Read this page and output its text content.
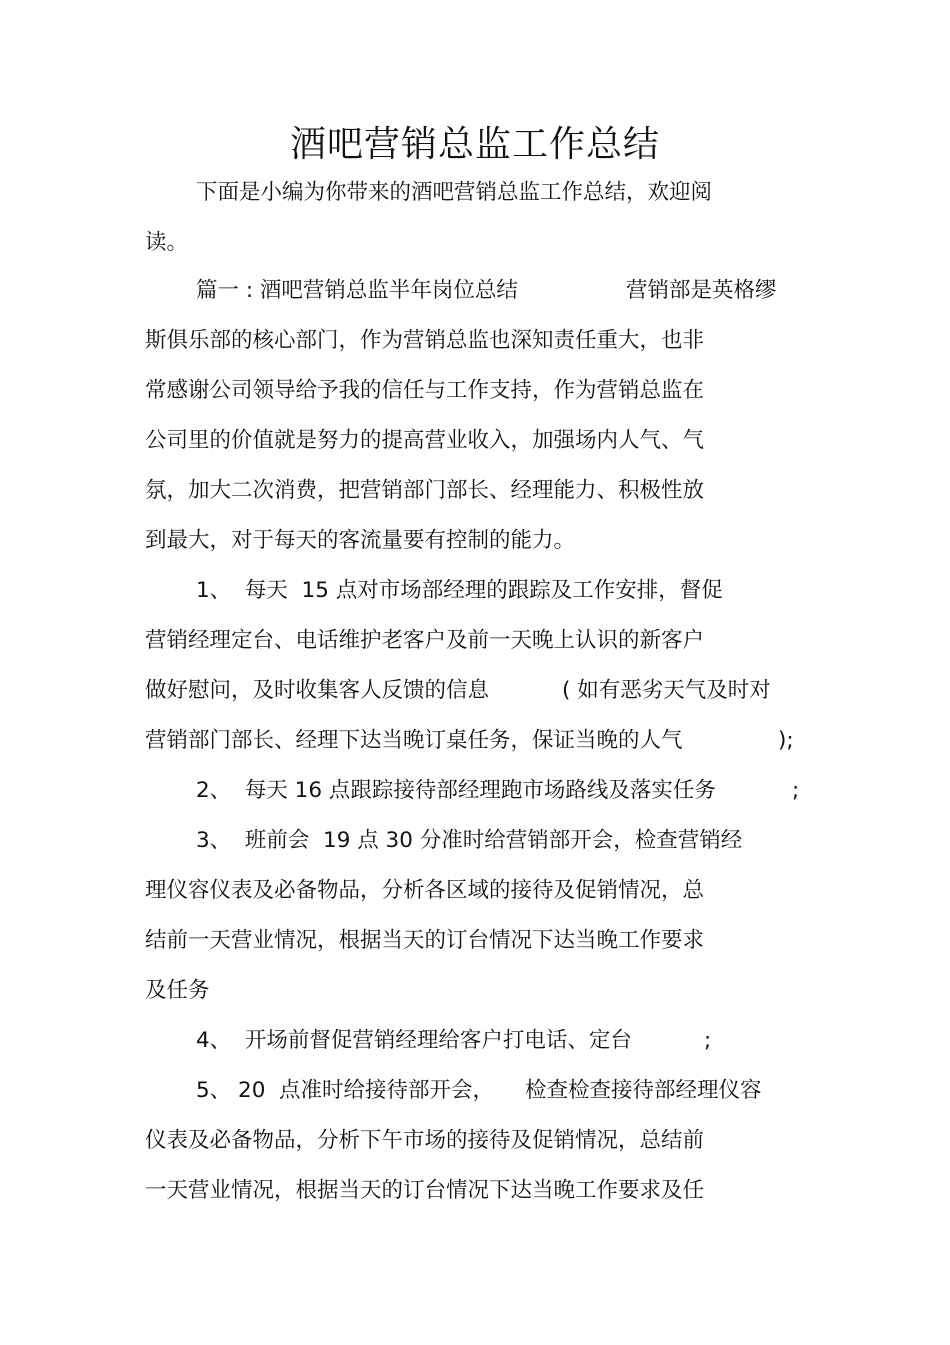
酒吧营销总监工作总结
下面是小编为你带来的酒吧营销总监工作总结，欢迎阅
读。
篇一 : 酒吧营销总监半年岗位总结	营销部是英格缪
斯俱乐部的核心部门，作为营销总监也深知责任重大，也非
常感谢公司领导给予我的信任与工作支持，作为营销总监在
公司里的价值就是努力的提高营业收入，加强场内人气、气
氛，加大二次消费，把营销部门部长、经理能力、积极性放
到最大，对于每天的客流量要有控制的能力。
1、  每天  15 点对市场部经理的跟踪及工作安排，督促
营销经理定台、电话维护老客户及前一天晚上认识的新客户
做好慰问，及时收集客人反馈的信息	( 如有恶劣天气及时对
营销部门部长、经理下达当晚订桌任务，保证当晚的人气	);
2、  每天 16 点跟踪接待部经理跑市场路线及落实任务	;
3、  班前会  19 点 30 分准时给营销部开会，检查营销经
理仪容仪表及必备物品，分析各区域的接待及促销情况，总
结前一天营业情况，根据当天的订台情况下达当晚工作要求
及任务
4、  开场前督促营销经理给客户打电话、定台	;
5、 20  点准时给接待部开会， 检查检查接待部经理仪容
仪表及必备物品，分析下午市场的接待及促销情况，总结前
一天营业情况，根据当天的订台情况下达当晚工作要求及任
